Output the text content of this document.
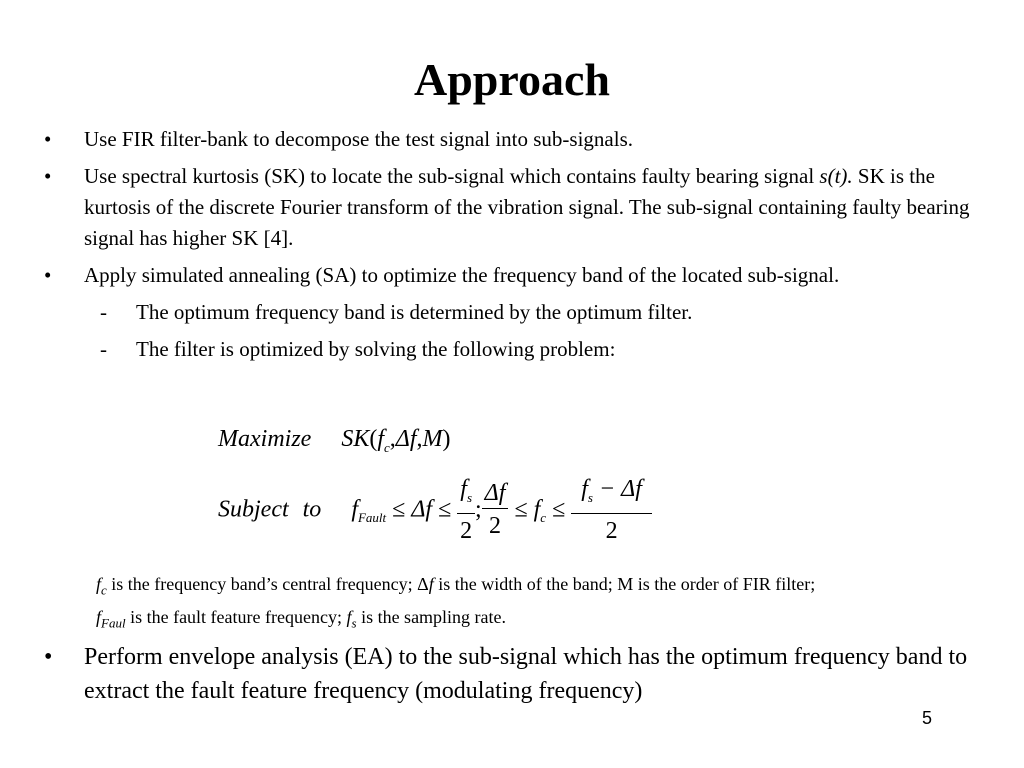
Approach
• Use FIR filter-bank to decompose the test signal into sub-signals.
• Use spectral kurtosis (SK) to locate the sub-signal which contains faulty bearing signal s(t). SK is the kurtosis of the discrete Fourier transform of the vibration signal. The sub-signal containing faulty bearing signal has higher SK [4].
• Apply simulated annealing (SA) to optimize the frequency band of the located sub-signal.
- The optimum frequency band is determined by the optimum filter.
- The filter is optimized by solving the following problem:
Maximize $SK(f_c,\Delta f,M)$
Subject to $f_{Fault} \le \Delta f \le \frac{f_s}{2}$ ; $\frac{\Delta f}{2} \le f_c \le \frac{f_s - \Delta f}{2}$
$f_c$ is the frequency band’s central frequency; Δf is the width of the band; M is the order of FIR filter;
$f_{Faul}$ is the fault feature frequency; $f_s$ is the sampling rate.
• Perform envelope analysis (EA) to the sub-signal which has the optimum frequency band to extract the fault feature frequency (modulating frequency)
5
